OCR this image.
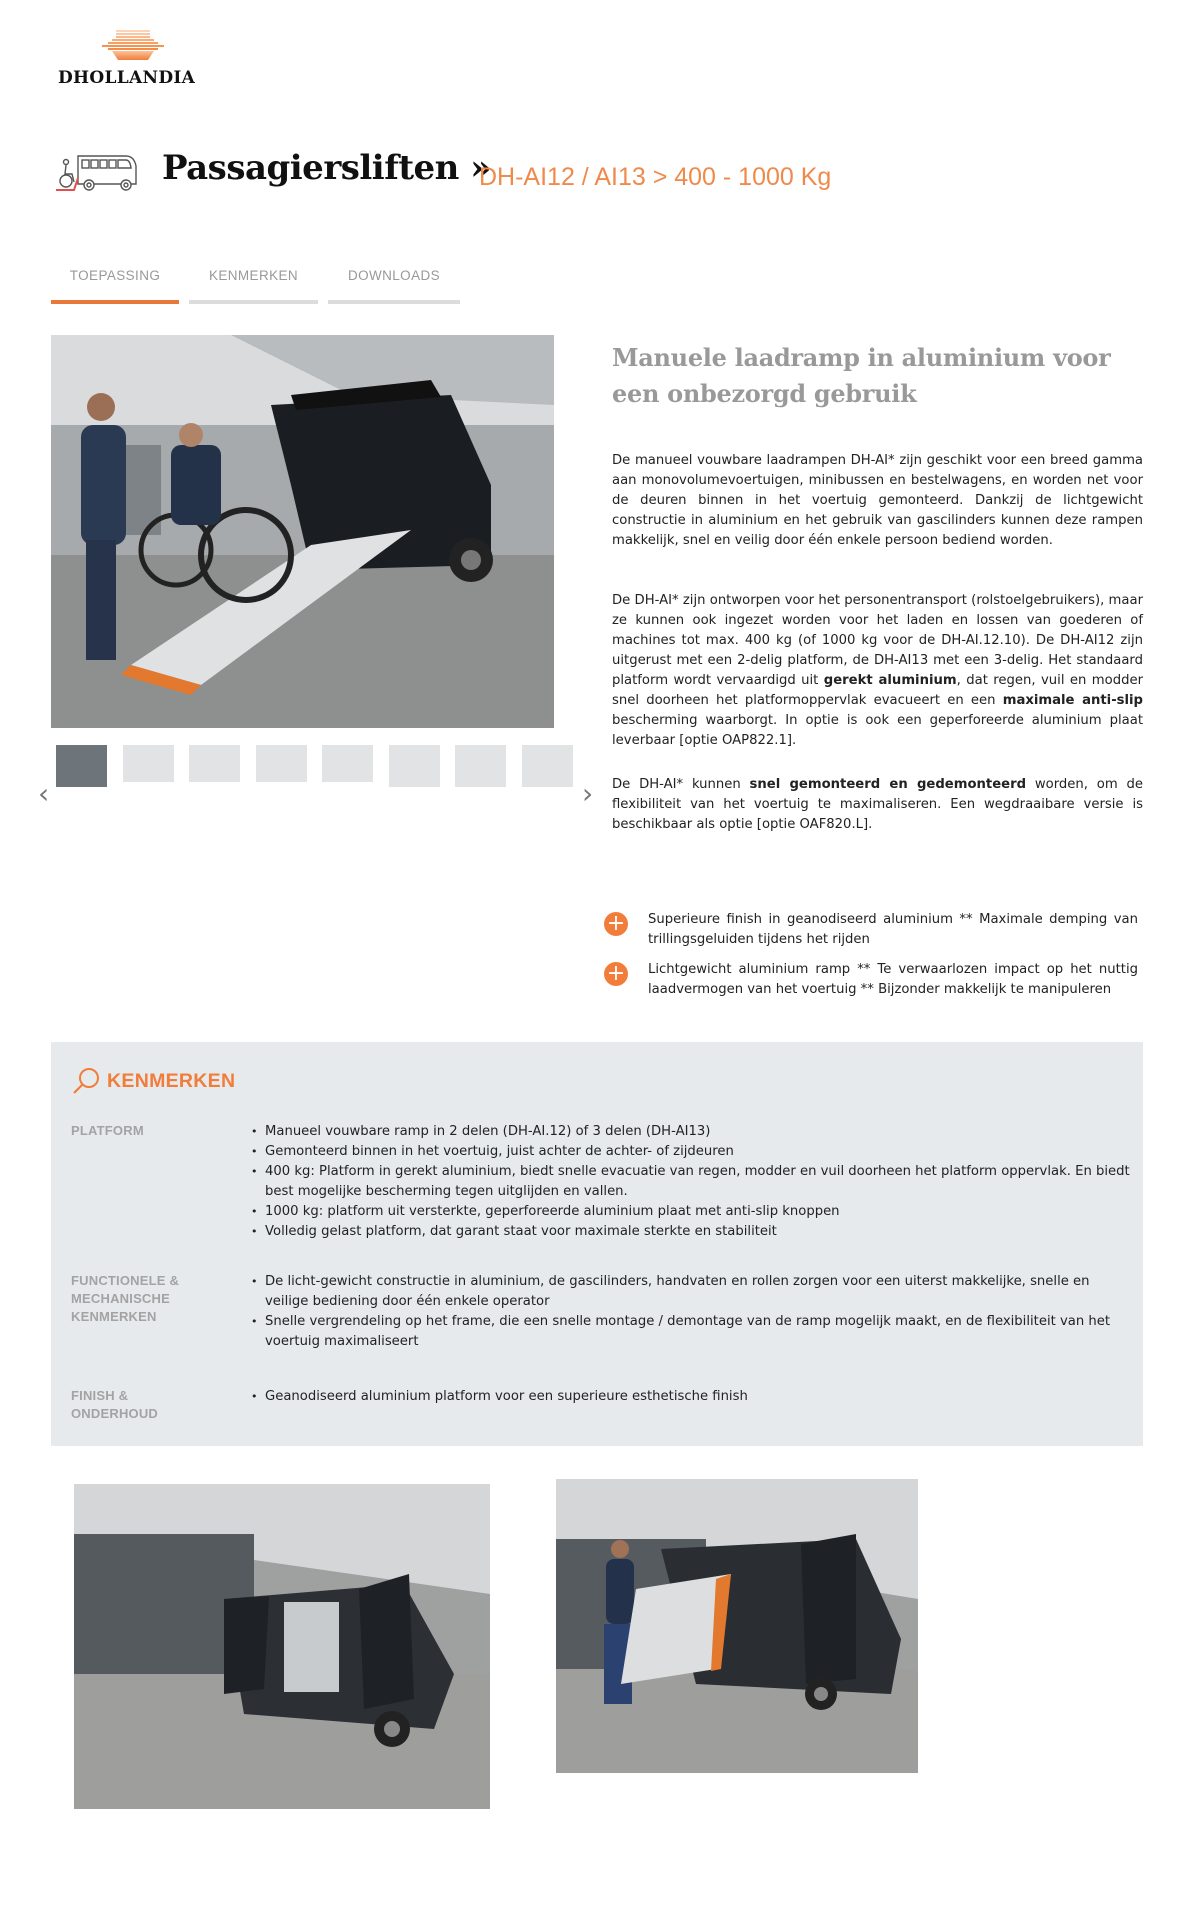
DHOLLANDIA
Passagiersliften »
DH-AI12 / AI13 > 400 - 1000 Kg
TOEPASSING	KENMERKEN	DOWNLOADS
‹	›
Manuele laadramp in aluminium voor een onbezorgd gebruik
De manueel vouwbare laadrampen DH-AI* zijn geschikt voor een breed gamma aan monovolumevoertuigen, minibussen en bestelwagens, en worden net voor de deuren binnen in het voertuig gemonteerd. Dankzij de lichtgewicht constructie in aluminium en het gebruik van gascilinders kunnen deze rampen makkelijk, snel en veilig door één enkele persoon bediend worden.
De DH-AI* zijn ontworpen voor het personentransport (rolstoelgebruikers), maar ze kunnen ook ingezet worden voor het laden en lossen van goederen of machines tot max. 400 kg (of 1000 kg voor de DH-AI.12.10). De DH-AI12 zijn uitgerust met een 2-delig platform, de DH-AI13 met een 3-delig. Het standaard platform wordt vervaardigd uit gerekt aluminium, dat regen, vuil en modder snel doorheen het platformoppervlak evacueert en een maximale anti-slip bescherming waarborgt. In optie is ook een geperforeerde aluminium plaat leverbaar [optie OAP822.1].
De DH-AI* kunnen snel gemonteerd en gedemonteerd worden, om de flexibiliteit van het voertuig te maximaliseren. Een wegdraaibare versie is beschikbaar als optie [optie OAF820.L].
+ Superieure finish in geanodiseerd aluminium ** Maximale demping van trillingsgeluiden tijdens het rijden
+ Lichtgewicht aluminium ramp ** Te verwaarlozen impact op het nuttig laadvermogen van het voertuig ** Bijzonder makkelijk te manipuleren
KENMERKEN
PLATFORM	• Manueel vouwbare ramp in 2 delen (DH-AI.12) of 3 delen (DH-AI13)
• Gemonteerd binnen in het voertuig, juist achter de achter- of zijdeuren
• 400 kg: Platform in gerekt aluminium, biedt snelle evacuatie van regen, modder en vuil doorheen het platform oppervlak. En biedt best mogelijke bescherming tegen uitglijden en vallen.
• 1000 kg: platform uit versterkte, geperforeerde aluminium plaat met anti-slip knoppen
• Volledig gelast platform, dat garant staat voor maximale sterkte en stabiliteit
FUNCTIONELE & MECHANISCHE KENMERKEN
• De licht-gewicht constructie in aluminium, de gascilinders, handvaten en rollen zorgen voor een uiterst makkelijke, snelle en veilige bediening door één enkele operator
• Snelle vergrendeling op het frame, die een snelle montage / demontage van de ramp mogelijk maakt, en de flexibiliteit van het voertuig maximaliseert
FINISH & ONDERHOUD
• Geanodiseerd aluminium platform voor een superieure esthetische finish
